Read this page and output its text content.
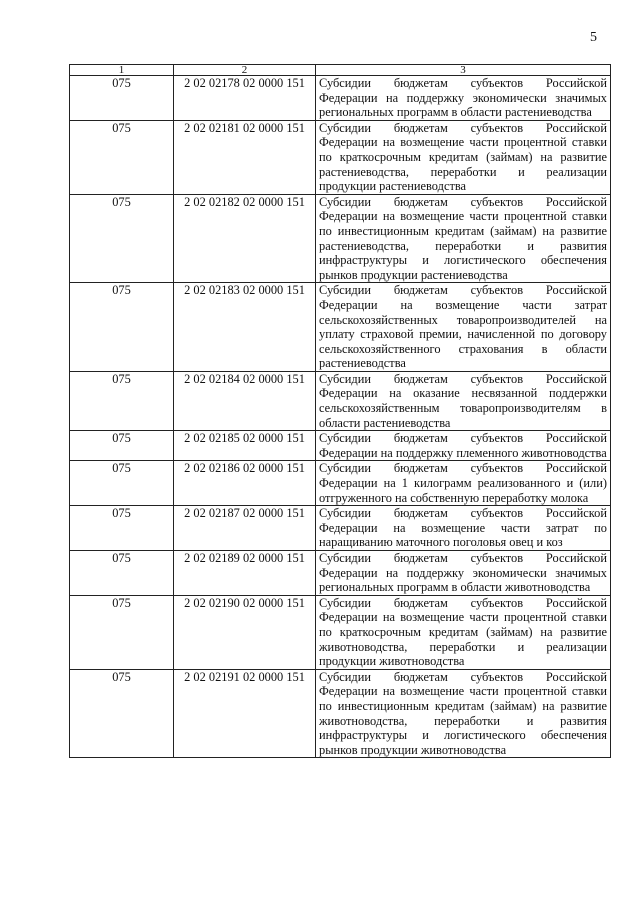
5
1	2	3
075	2 02 02178 02 0000 151	Субсидии бюджетам субъектов Российской Федерации на поддержку экономически значимых региональных программ в области растениеводства
075	2 02 02181 02 0000 151	Субсидии бюджетам субъектов Российской Федерации на возмещение части процентной ставки по краткосрочным кредитам (займам) на развитие растениеводства, переработки и реализации продукции растениеводства
075	2 02 02182 02 0000 151	Субсидии бюджетам субъектов Российской Федерации на возмещение части процентной ставки по инвестиционным кредитам (займам) на развитие растениеводства, переработки и развития инфраструктуры и логистического обеспечения рынков продукции растениеводства
075	2 02 02183 02 0000 151	Субсидии бюджетам субъектов Российской Федерации на возмещение части затрат сельскохозяйственных товаропроизводителей на уплату страховой премии, начисленной по договору сельскохозяйственного страхования в области растениеводства
075	2 02 02184 02 0000 151	Субсидии бюджетам субъектов Российской Федерации на оказание несвязанной поддержки сельскохозяйственным товаропроизводителям в области растениеводства
075	2 02 02185 02 0000 151	Субсидии бюджетам субъектов Российской Федерации на поддержку племенного животноводства
075	2 02 02186 02 0000 151	Субсидии бюджетам субъектов Российской Федерации на 1 килограмм реализованного и (или) отгруженного на собственную переработку молока
075	2 02 02187 02 0000 151	Субсидии бюджетам субъектов Российской Федерации на возмещение части затрат по наращиванию маточного поголовья овец и коз
075	2 02 02189 02 0000 151	Субсидии бюджетам субъектов Российской Федерации на поддержку экономически значимых региональных программ в области животноводства
075	2 02 02190 02 0000 151	Субсидии бюджетам субъектов Российской Федерации на возмещение части процентной ставки по краткосрочным кредитам (займам) на развитие животноводства, переработки и реализации продукции животноводства
075	2 02 02191 02 0000 151	Субсидии бюджетам субъектов Российской Федерации на возмещение части процентной ставки по инвестиционным кредитам (займам) на развитие животноводства, переработки и развития инфраструктуры и логистического обеспечения рынков продукции животноводства
